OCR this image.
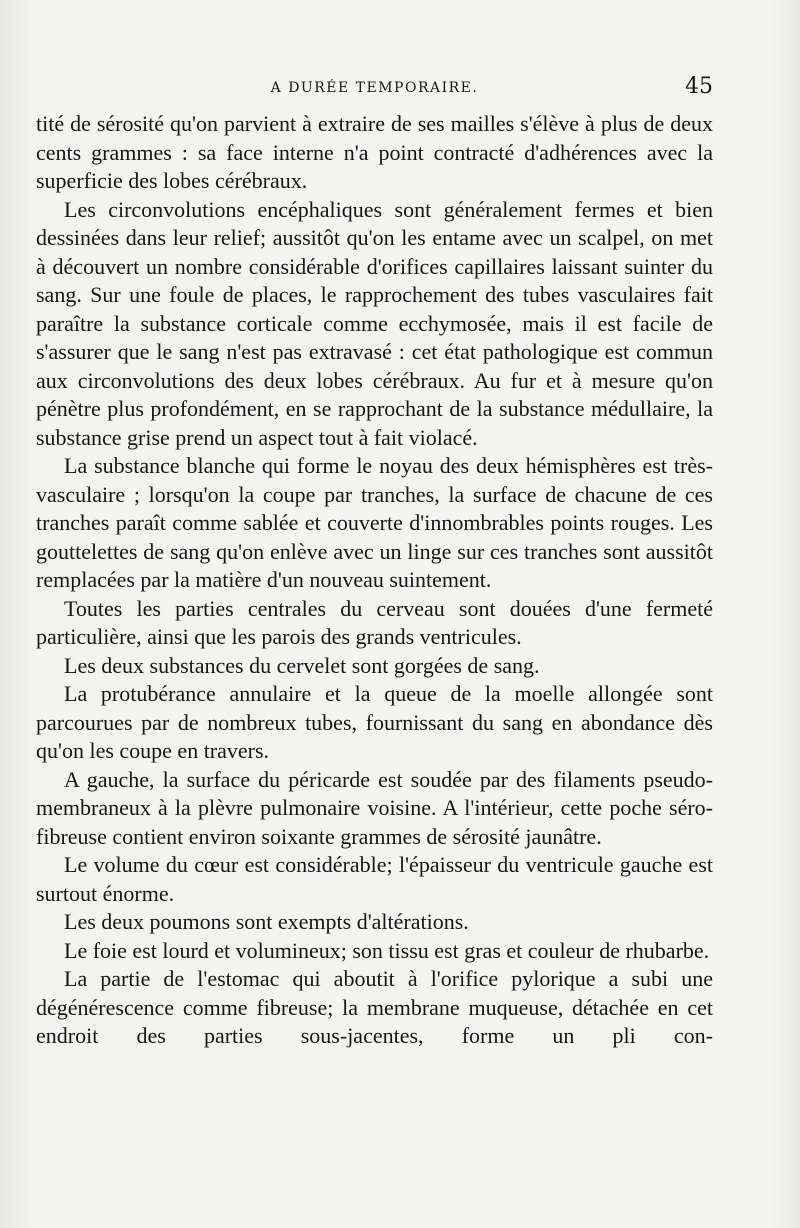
A DURÉE TEMPORAIRE.	45

tité de sérosité qu'on parvient à extraire de ses mailles s'élève à plus de deux cents grammes : sa face interne n'a point contracté d'adhérences avec la superficie des lobes cérébraux.

Les circonvolutions encéphaliques sont généralement fermes et bien dessinées dans leur relief; aussitôt qu'on les entame avec un scalpel, on met à découvert un nombre considérable d'orifices capillaires laissant suinter du sang. Sur une foule de places, le rapprochement des tubes vasculaires fait paraître la substance corticale comme ecchymosée, mais il est facile de s'assurer que le sang n'est pas extravasé : cet état pathologique est commun aux circonvolutions des deux lobes cérébraux. Au fur et à mesure qu'on pénètre plus profondément, en se rapprochant de la substance médullaire, la substance grise prend un aspect tout à fait violacé.

La substance blanche qui forme le noyau des deux hémisphères est très-vasculaire ; lorsqu'on la coupe par tranches, la surface de chacune de ces tranches paraît comme sablée et couverte d'innombrables points rouges. Les gouttelettes de sang qu'on enlève avec un linge sur ces tranches sont aussitôt remplacées par la matière d'un nouveau suintement.

Toutes les parties centrales du cerveau sont douées d'une fermeté particulière, ainsi que les parois des grands ventricules.

Les deux substances du cervelet sont gorgées de sang.

La protubérance annulaire et la queue de la moelle allongée sont parcourues par de nombreux tubes, fournissant du sang en abondance dès qu'on les coupe en travers.

A gauche, la surface du péricarde est soudée par des filaments pseudo-membraneux à la plèvre pulmonaire voisine. A l'intérieur, cette poche séro-fibreuse contient environ soixante grammes de sérosité jaunâtre.

Le volume du cœur est considérable; l'épaisseur du ventricule gauche est surtout énorme.

Les deux poumons sont exempts d'altérations.

Le foie est lourd et volumineux; son tissu est gras et couleur de rhubarbe.

La partie de l'estomac qui aboutit à l'orifice pylorique a subi une dégénérescence comme fibreuse; la membrane muqueuse, détachée en cet endroit des parties sous-jacentes, forme un pli con-
